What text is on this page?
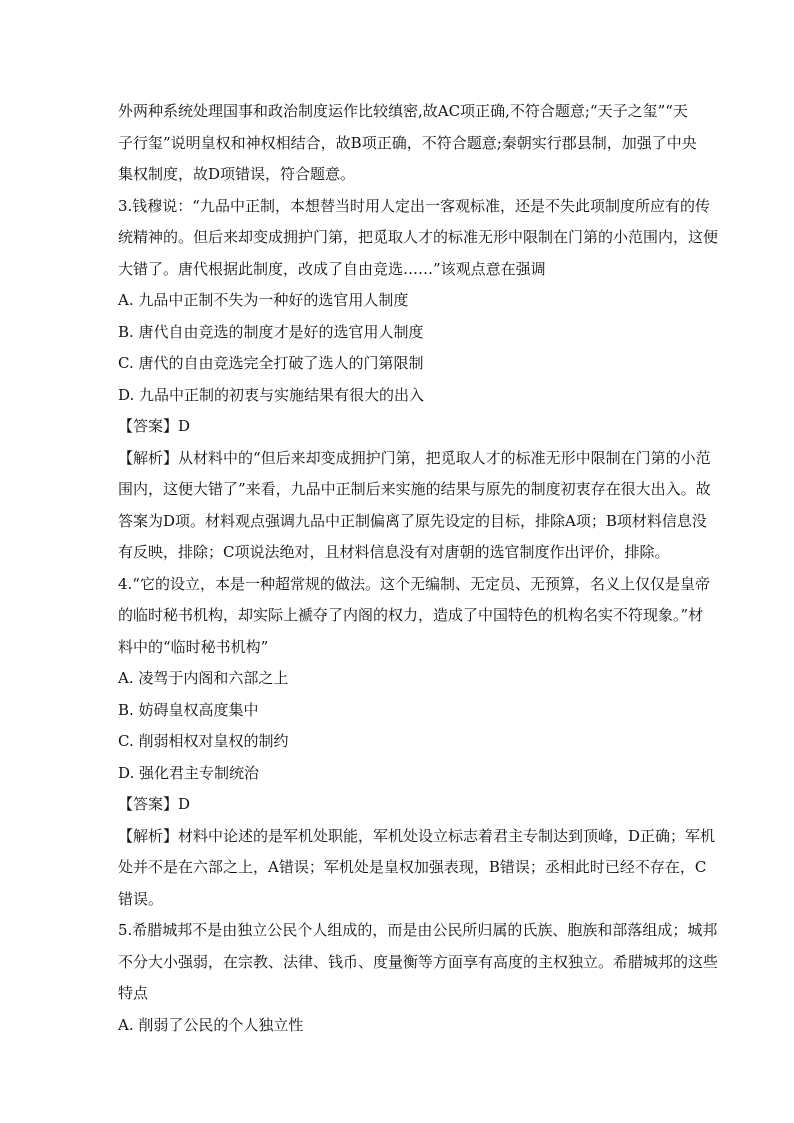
外两种系统处理国事和政治制度运作比较缜密,故AC项正确,不符合题意;“天子之玺”“天

子行玺”说明皇权和神权相结合，故B项正确，不符合题意;秦朝实行郡县制，加强了中央

集权制度，故D项错误，符合题意。

3.钱穆说：“九品中正制，本想替当时用人定出一客观标准，还是不失此项制度所应有的传

统精神的。但后来却变成拥护门第，把觅取人才的标准无形中限制在门第的小范围内，这便

大错了。唐代根据此制度，改成了自由竞选……”该观点意在强调

A. 九品中正制不失为一种好的选官用人制度

B. 唐代自由竞选的制度才是好的选官用人制度

C. 唐代的自由竞选完全打破了选人的门第限制

D. 九品中正制的初衷与实施结果有很大的出入

【答案】D

【解析】从材料中的“但后来却变成拥护门第，把觅取人才的标准无形中限制在门第的小范

围内，这便大错了”来看，九品中正制后来实施的结果与原先的制度初衷存在很大出入。故

答案为D项。材料观点强调九品中正制偏离了原先设定的目标，排除A项；B项材料信息没

有反映，排除；C项说法绝对，且材料信息没有对唐朝的选官制度作出评价，排除。

4.“它的设立，本是一种超常规的做法。这个无编制、无定员、无预算，名义上仅仅是皇帝

的临时秘书机构，却实际上褫夺了内阁的权力，造成了中国特色的机构名实不符现象。”材

料中的“临时秘书机构”

A. 凌驾于内阁和六部之上

B. 妨碍皇权高度集中

C. 削弱相权对皇权的制约

D. 强化君主专制统治

【答案】D

【解析】材料中论述的是军机处职能，军机处设立标志着君主专制达到顶峰，D正确；军机

处并不是在六部之上，A错误；军机处是皇权加强表现，B错误；丞相此时已经不存在，C

错误。

5.希腊城邦不是由独立公民个人组成的，而是由公民所归属的氏族、胞族和部落组成；城邦

不分大小强弱，在宗教、法律、钱币、度量衡等方面享有高度的主权独立。希腊城邦的这些

特点

A. 削弱了公民的个人独立性
